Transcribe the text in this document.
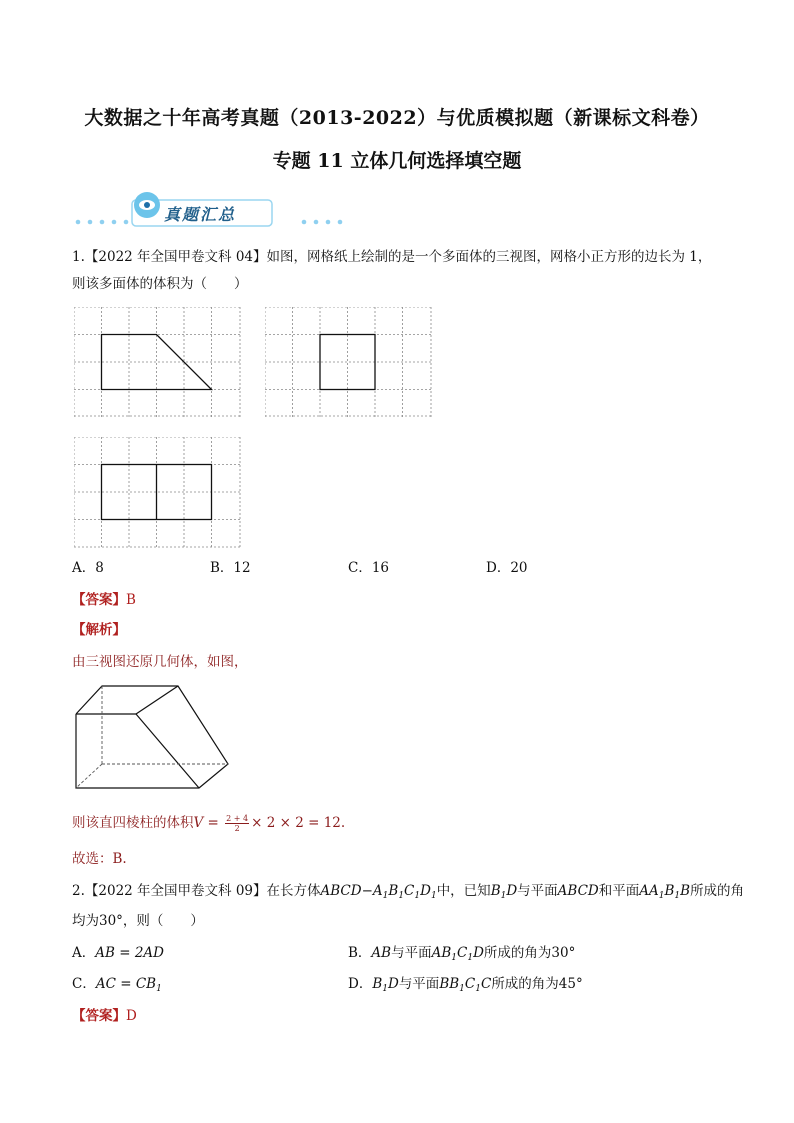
大数据之十年高考真题（2013-2022）与优质模拟题（新课标文科卷）
专题 11 立体几何选择填空题
真题汇总
1.【2022 年全国甲卷文科 04】如图，网格纸上绘制的是一个多面体的三视图，网格小正方形的边长为 1，
则该多面体的体积为（　　）
A．8	B．12	C．16	D．20
【答案】B
【解析】
由三视图还原几何体，如图，
则该直四棱柱的体积$V = \frac{2 + 4}{2} \times 2 \times 2 = 12$.
故选：B.
2.【2022 年全国甲卷文科 09】在长方体$ABCD-A_1B_1C_1D_1$中，已知$B_1D$与平面ABCD和平面$AA_1B_1B$所成的角
均为30°，则（　　）
A．AB = 2AD	B．AB与平面$AB_1C_1D$所成的角为30°
C．AC = $CB_1$	D．$B_1D$与平面$BB_1C_1C$所成的角为45°
【答案】D
